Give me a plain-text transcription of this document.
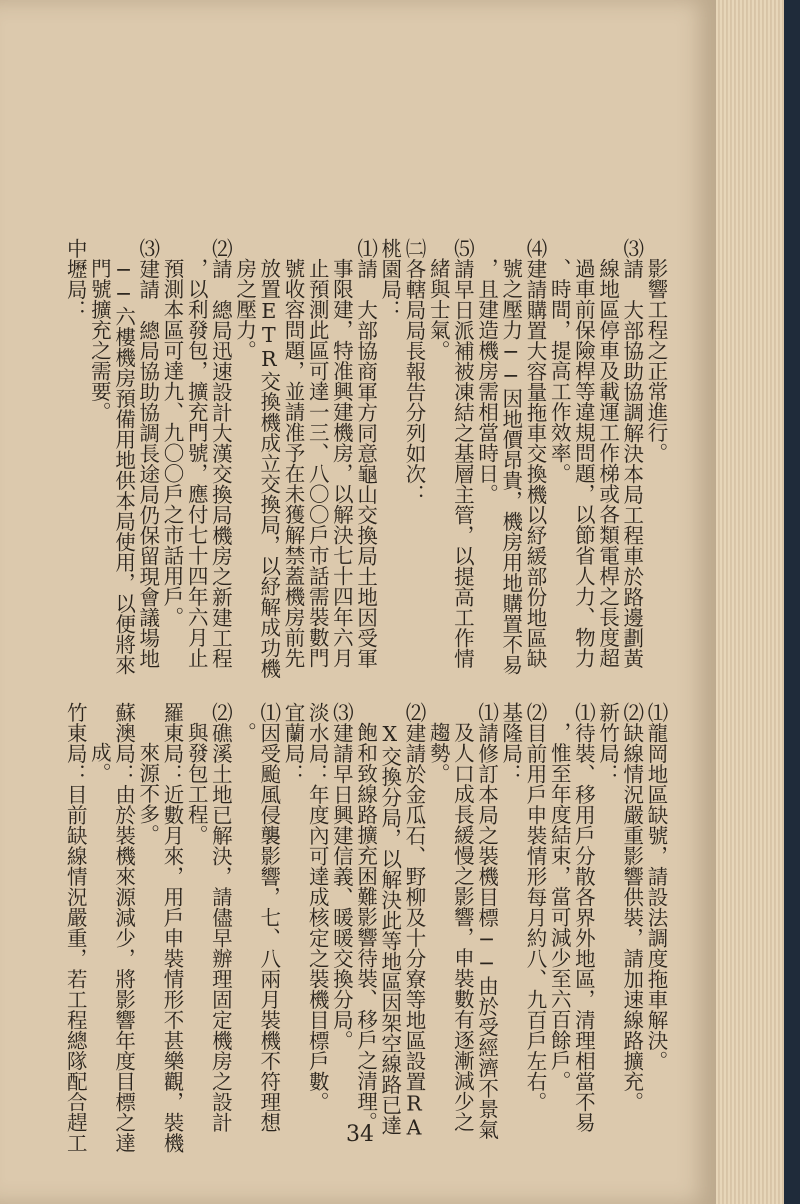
影響工程之正常進行。
⑶請　大部協助協調解決本局工程車於路邊劃黃
線地區停車及載運工作梯或各類電桿之長度超
過車前保險桿等違規問題，以節省人力、物力
、時間，提高工作效率。
⑷建請購置大容量拖車交換機以紓緩部份地區缺
號之壓力──因地價昂貴，機房用地購置不易
，且建造機房需相當時日。
⑸請早日派補被凍結之基層主管，以提高工作情
緒與士氣。
㈡各轄局局長報告分列如次：
桃園局：
⑴請　大部協商軍方同意龜山交換局土地因受軍
事限建，特准興建機房，以解決七十四年六月
止預測此區可達一三、八〇〇戶市話需裝數門
號收容問題，並請准予在未獲解禁蓋機房前先
放置ETR交換機成立交換局，以紓解成功機
房之壓力。
⑵請　總局迅速設計大漢交換局機房之新建工程
，以利發包，擴充門號，應付七十四年六月止
預測本區可達九、九〇〇戶之市話用戶。
⑶建請　總局協助協調長途局仍保留現會議場地
──六樓機房預備用地供本局使用，以便將來
門號擴充之需要。
中壢局：
⑴龍岡地區缺號，請設法調度拖車解決。
⑵缺線情況嚴重影響供裝，請加速線路擴充。
新竹局：
⑴待裝、移用戶分散各界外地區，清理相當不易
，惟至年度結束，當可減少至六百餘戶。
⑵目前用戶申裝情形每月約八、九百戶左右。
基隆局：
⑴請修訂本局之裝機目標──由於受經濟不景氣
及人口成長緩慢之影響，申裝數有逐漸減少之
趨勢。
⑵建請於金瓜石、野柳及十分寮等地區設置RA
X交換分局，以解決此等地區因架空線路已達
飽和致線路擴充困難影響待裝、移戶之清理。
⑶建請早日興建信義、暖暖交換分局。
淡水局：年度內可達成核定之裝機目標戶數。
宜蘭局：
⑴因受颱風侵襲影響，七、八兩月裝機不符理想
。
⑵礁溪土地已解決，請儘早辦理固定機房之設計
與發包工程。
羅東局：近數月來，用戶申裝情形不甚樂觀，裝機
來源不多。
蘇澳局：由於裝機來源減少，將影響年度目標之達
成。
竹東局：目前缺線情況嚴重，若工程總隊配合趕工	34
